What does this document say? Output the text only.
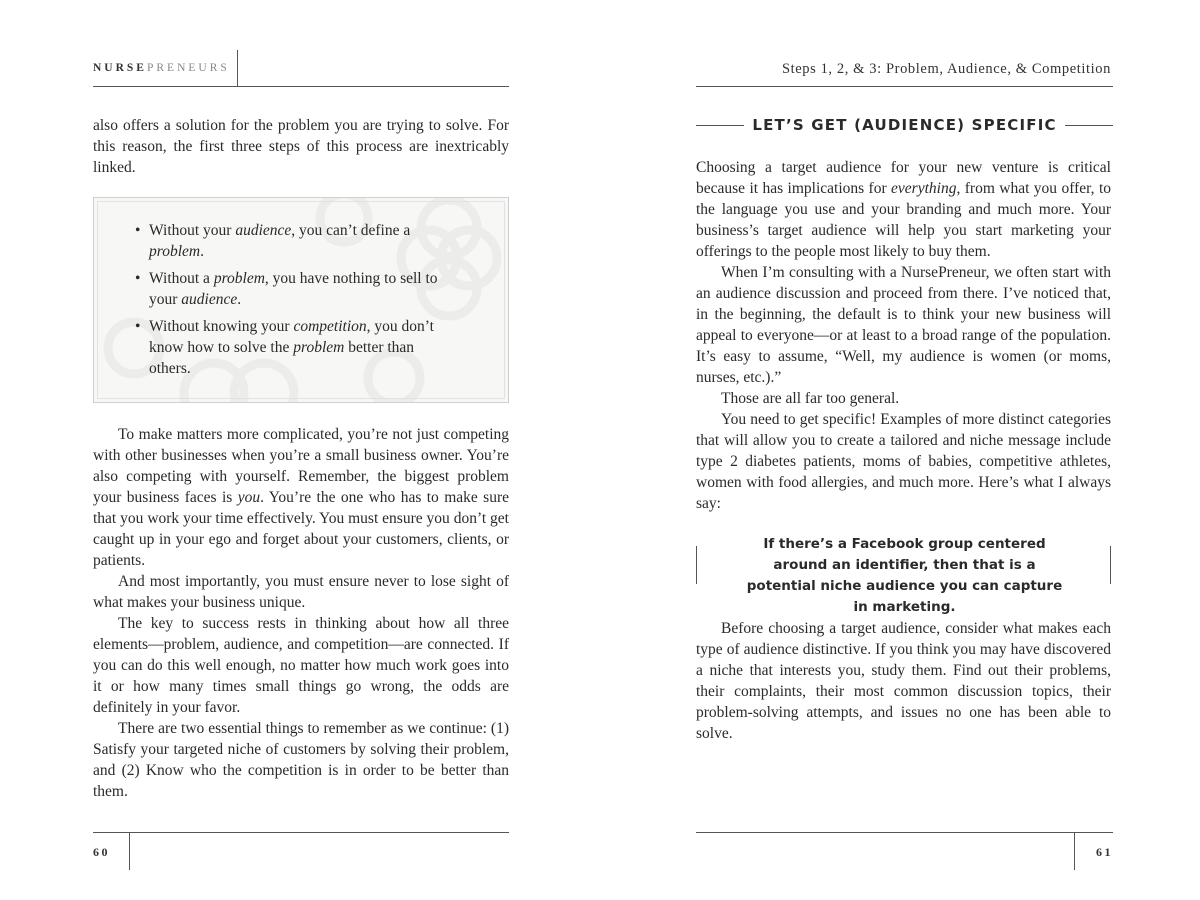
NURSEPRENEURS

also offers a solution for the problem you are trying to solve. For this reason, the first three steps of this process are inextricably linked.

• Without your audience, you can’t define a problem.
• Without a problem, you have nothing to sell to your audience.
• Without knowing your competition, you don’t know how to solve the problem better than others.

To make matters more complicated, you’re not just competing with other businesses when you’re a small business owner. You’re also competing with yourself. Remember, the biggest problem your business faces is you. You’re the one who has to make sure that you work your time effectively. You must ensure you don’t get caught up in your ego and forget about your customers, clients, or patients.

And most importantly, you must ensure never to lose sight of what makes your business unique.

The key to success rests in thinking about how all three elements—problem, audience, and competition—are connected. If you can do this well enough, no matter how much work goes into it or how many times small things go wrong, the odds are definitely in your favor.

There are two essential things to remember as we continue: (1) Satisfy your targeted niche of customers by solving their problem, and (2) Know who the competition is in order to be better than them.

60
Steps 1, 2, & 3: Problem, Audience, & Competition
LET’S GET (AUDIENCE) SPECIFIC

Choosing a target audience for your new venture is critical because it has implications for everything, from what you offer, to the language you use and your branding and much more. Your business’s target audience will help you start marketing your offerings to the people most likely to buy them.

When I’m consulting with a NursePreneur, we often start with an audience discussion and proceed from there. I’ve noticed that, in the beginning, the default is to think your new business will appeal to everyone—or at least to a broad range of the population. It’s easy to assume, “Well, my audience is women (or moms, nurses, etc.).”

Those are all far too general.

You need to get specific! Examples of more distinct categories that will allow you to create a tailored and niche message include type 2 diabetes patients, moms of babies, competitive athletes, women with food allergies, and much more. Here’s what I always say:

If there’s a Facebook group centered around an identifier, then that is a potential niche audience you can capture in marketing.

Before choosing a target audience, consider what makes each type of audience distinctive. If you think you may have discovered a niche that interests you, study them. Find out their problems, their complaints, their most common discussion topics, their problem-solving attempts, and issues no one has been able to solve.

61
